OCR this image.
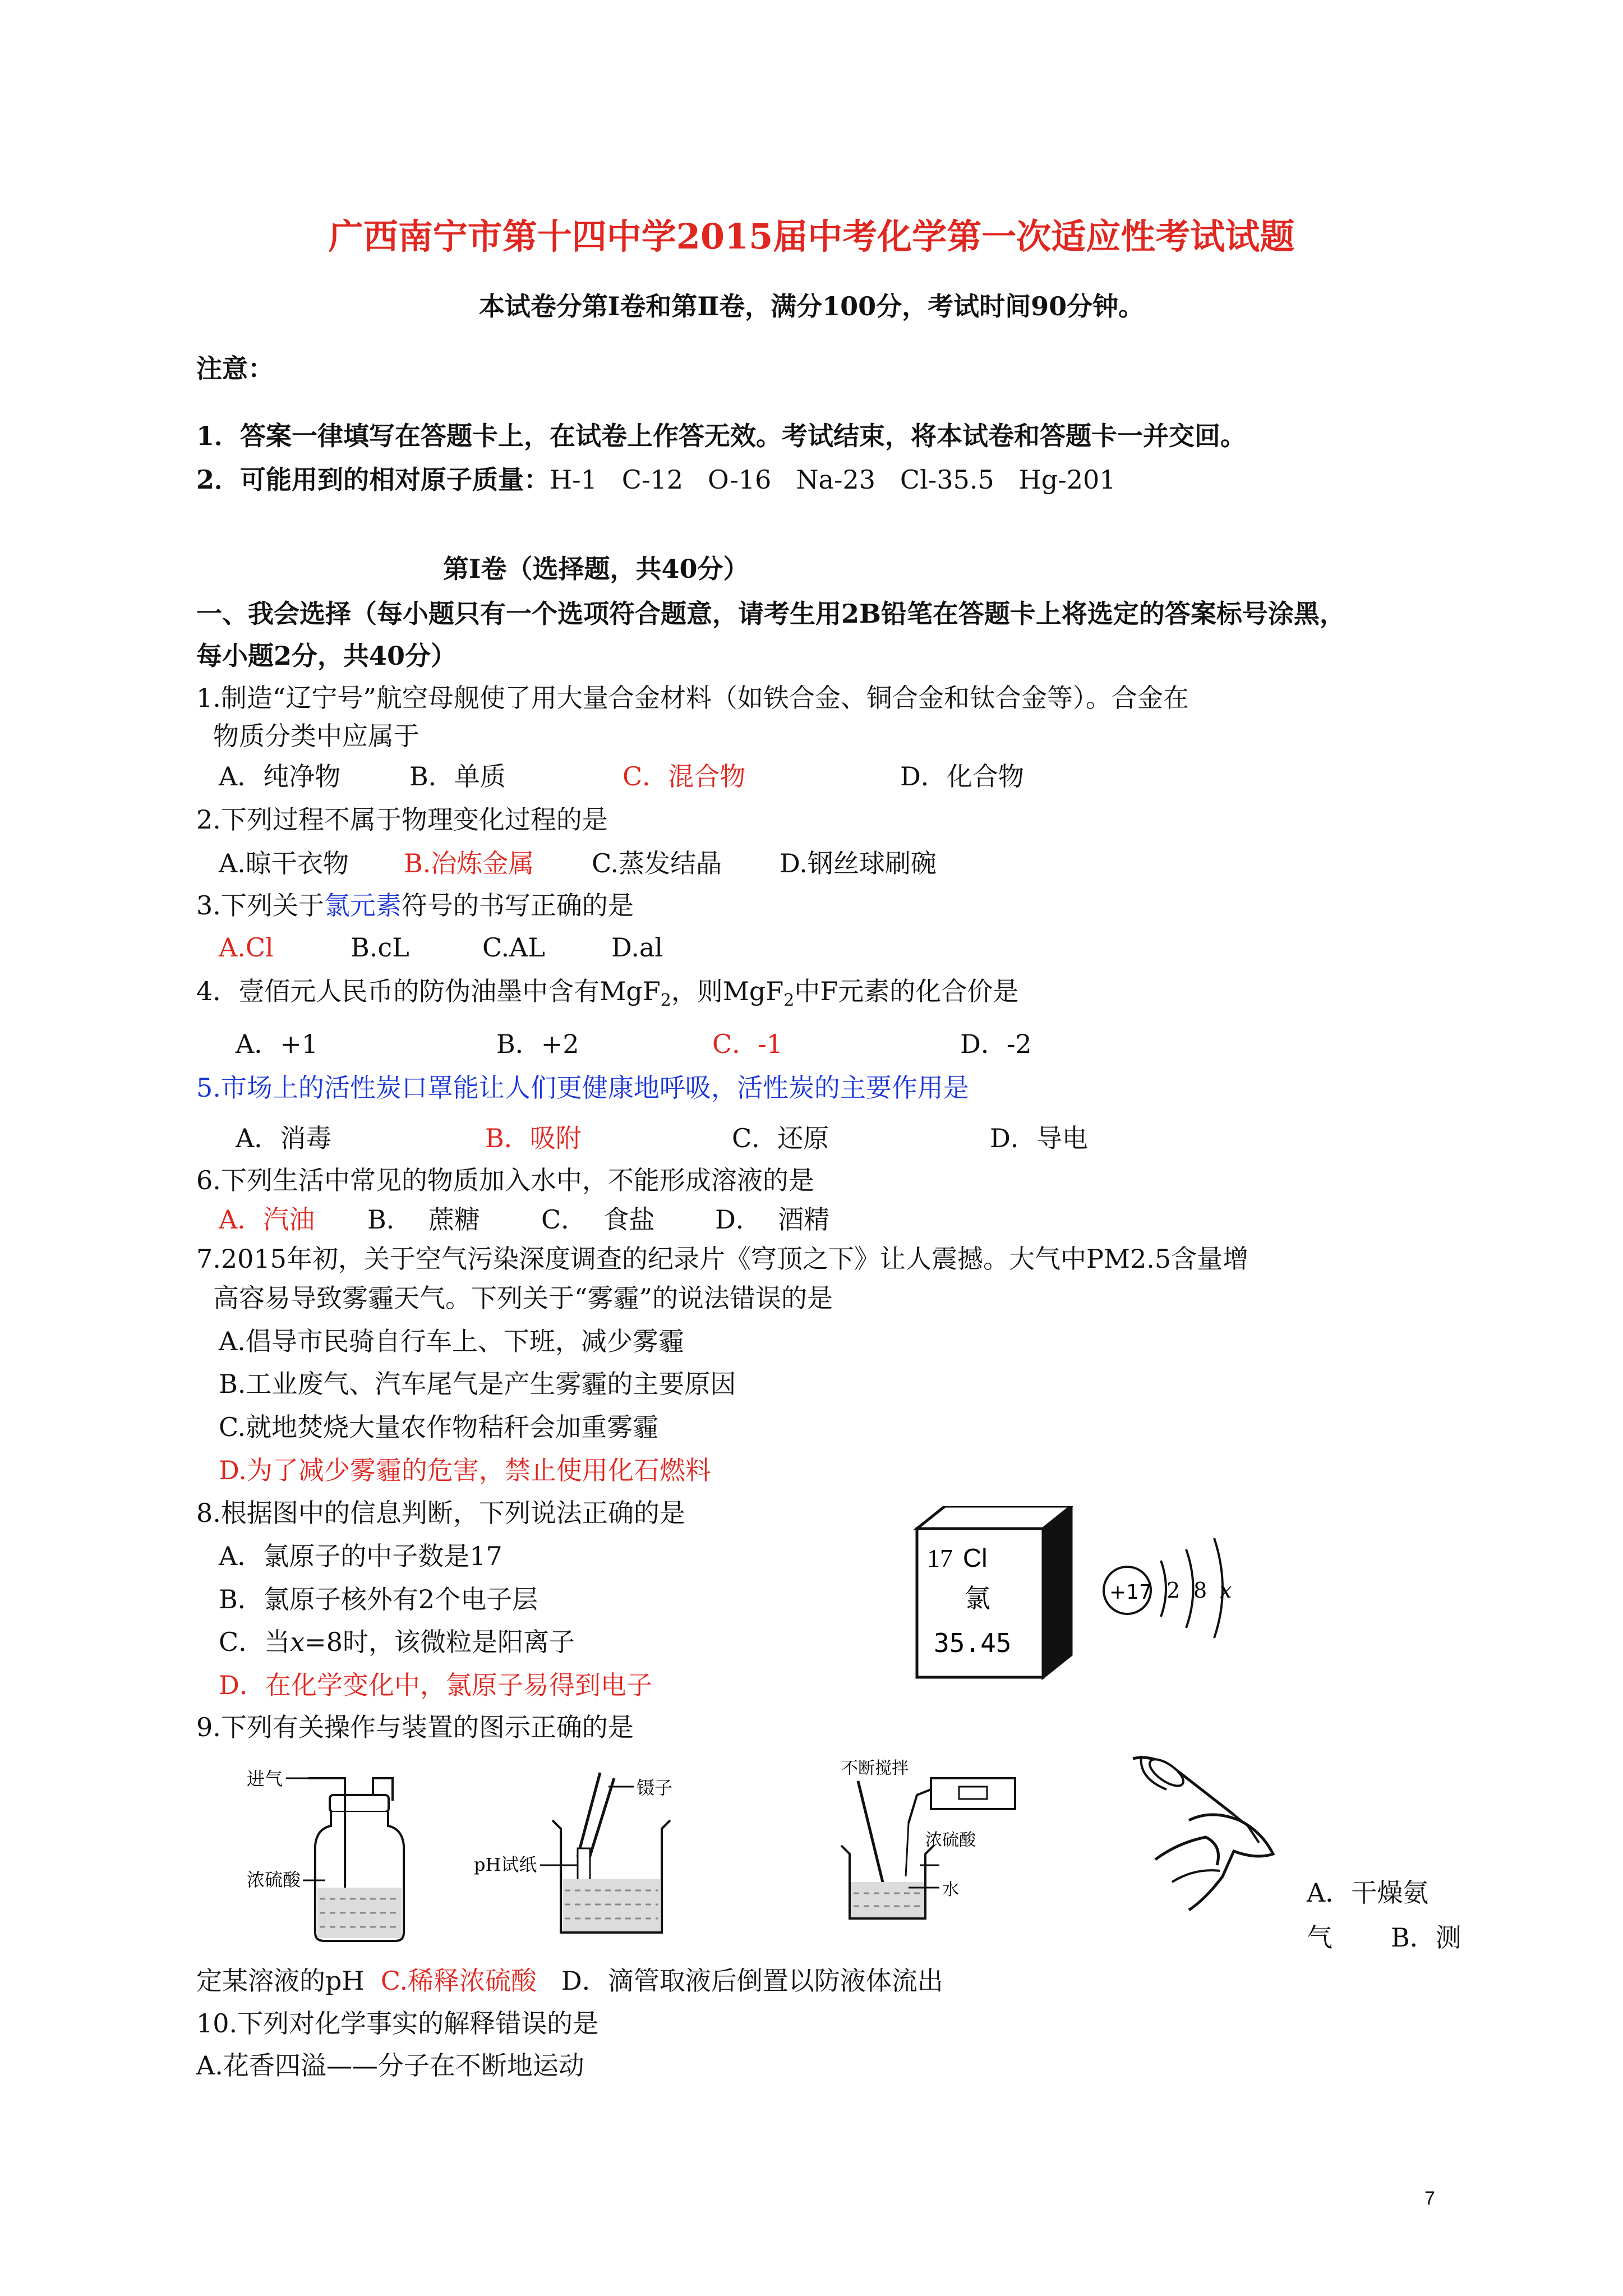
广西南宁市第十四中学2015届中考化学第一次适应性考试试题
本试卷分第Ⅰ卷和第Ⅱ卷，满分100分，考试时间90分钟。
注意：
1．答案一律填写在答题卡上，在试卷上作答无效。考试结束，将本试卷和答题卡一并交回。
2．可能用到的相对原子质量：H-1   C-12   O-16   Na-23   Cl-35.5   Hg-201
第Ⅰ卷（选择题，共40分）
一、我会选择（每小题只有一个选项符合题意，请考生用2B铅笔在答题卡上将选定的答案标号涂黑，
每小题2分，共40分）
1.制造“辽宁号”航空母舰使了用大量合金材料（如铁合金、铜合金和钛合金等）。合金在
物质分类中应属于
A．纯净物	B．单质	C．混合物	D．化合物
2.下列过程不属于物理变化过程的是
A.晾干衣物 B.冶炼金属 C.蒸发结晶 D.钢丝球刷碗
3.下列关于氯元素符号的书写正确的是
A.Cl	B.cL	C.AL	D.al
4．壹佰元人民币的防伪油墨中含有MgF$_2$，则MgF$_2$中F元素的化合价是
A．+1	B．+2	C．-1	D．-2
5.市场上的活性炭口罩能让人们更健康地呼吸，活性炭的主要作用是
A．消毒	B．吸附	C．还原	D．导电
6.下列生活中常见的物质加入水中，不能形成溶液的是
A．汽油 B．  蔗糖 C．  食盐 D．  酒精
7.2015年初，关于空气污染深度调查的纪录片《穹顶之下》让人震撼。大气中PM2.5含量增
高容易导致雾霾天气。下列关于“雾霾”的说法错误的是
A.倡导市民骑自行车上、下班，减少雾霾
B.工业废气、汽车尾气是产生雾霾的主要原因
C.就地焚烧大量农作物秸秆会加重雾霾
D.为了减少雾霾的危害，禁止使用化石燃料
8.根据图中的信息判断，下列说法正确的是
A．氯原子的中子数是17
B．氯原子核外有2个电子层
C．当x=8时，该微粒是阳离子
D．在化学变化中，氯原子易得到电子
17 Cl
氯
35.45
+17 2 8 x
9.下列有关操作与装置的图示正确的是
进气
浓硫酸
镊子
pH试纸
不断搅拌
浓硫酸
水	A．干燥氨
气 B．测
定某溶液的pH C.稀释浓硫酸 D．滴管取液后倒置以防液体流出
10.下列对化学事实的解释错误的是
A.花香四溢——分子在不断地运动
7
